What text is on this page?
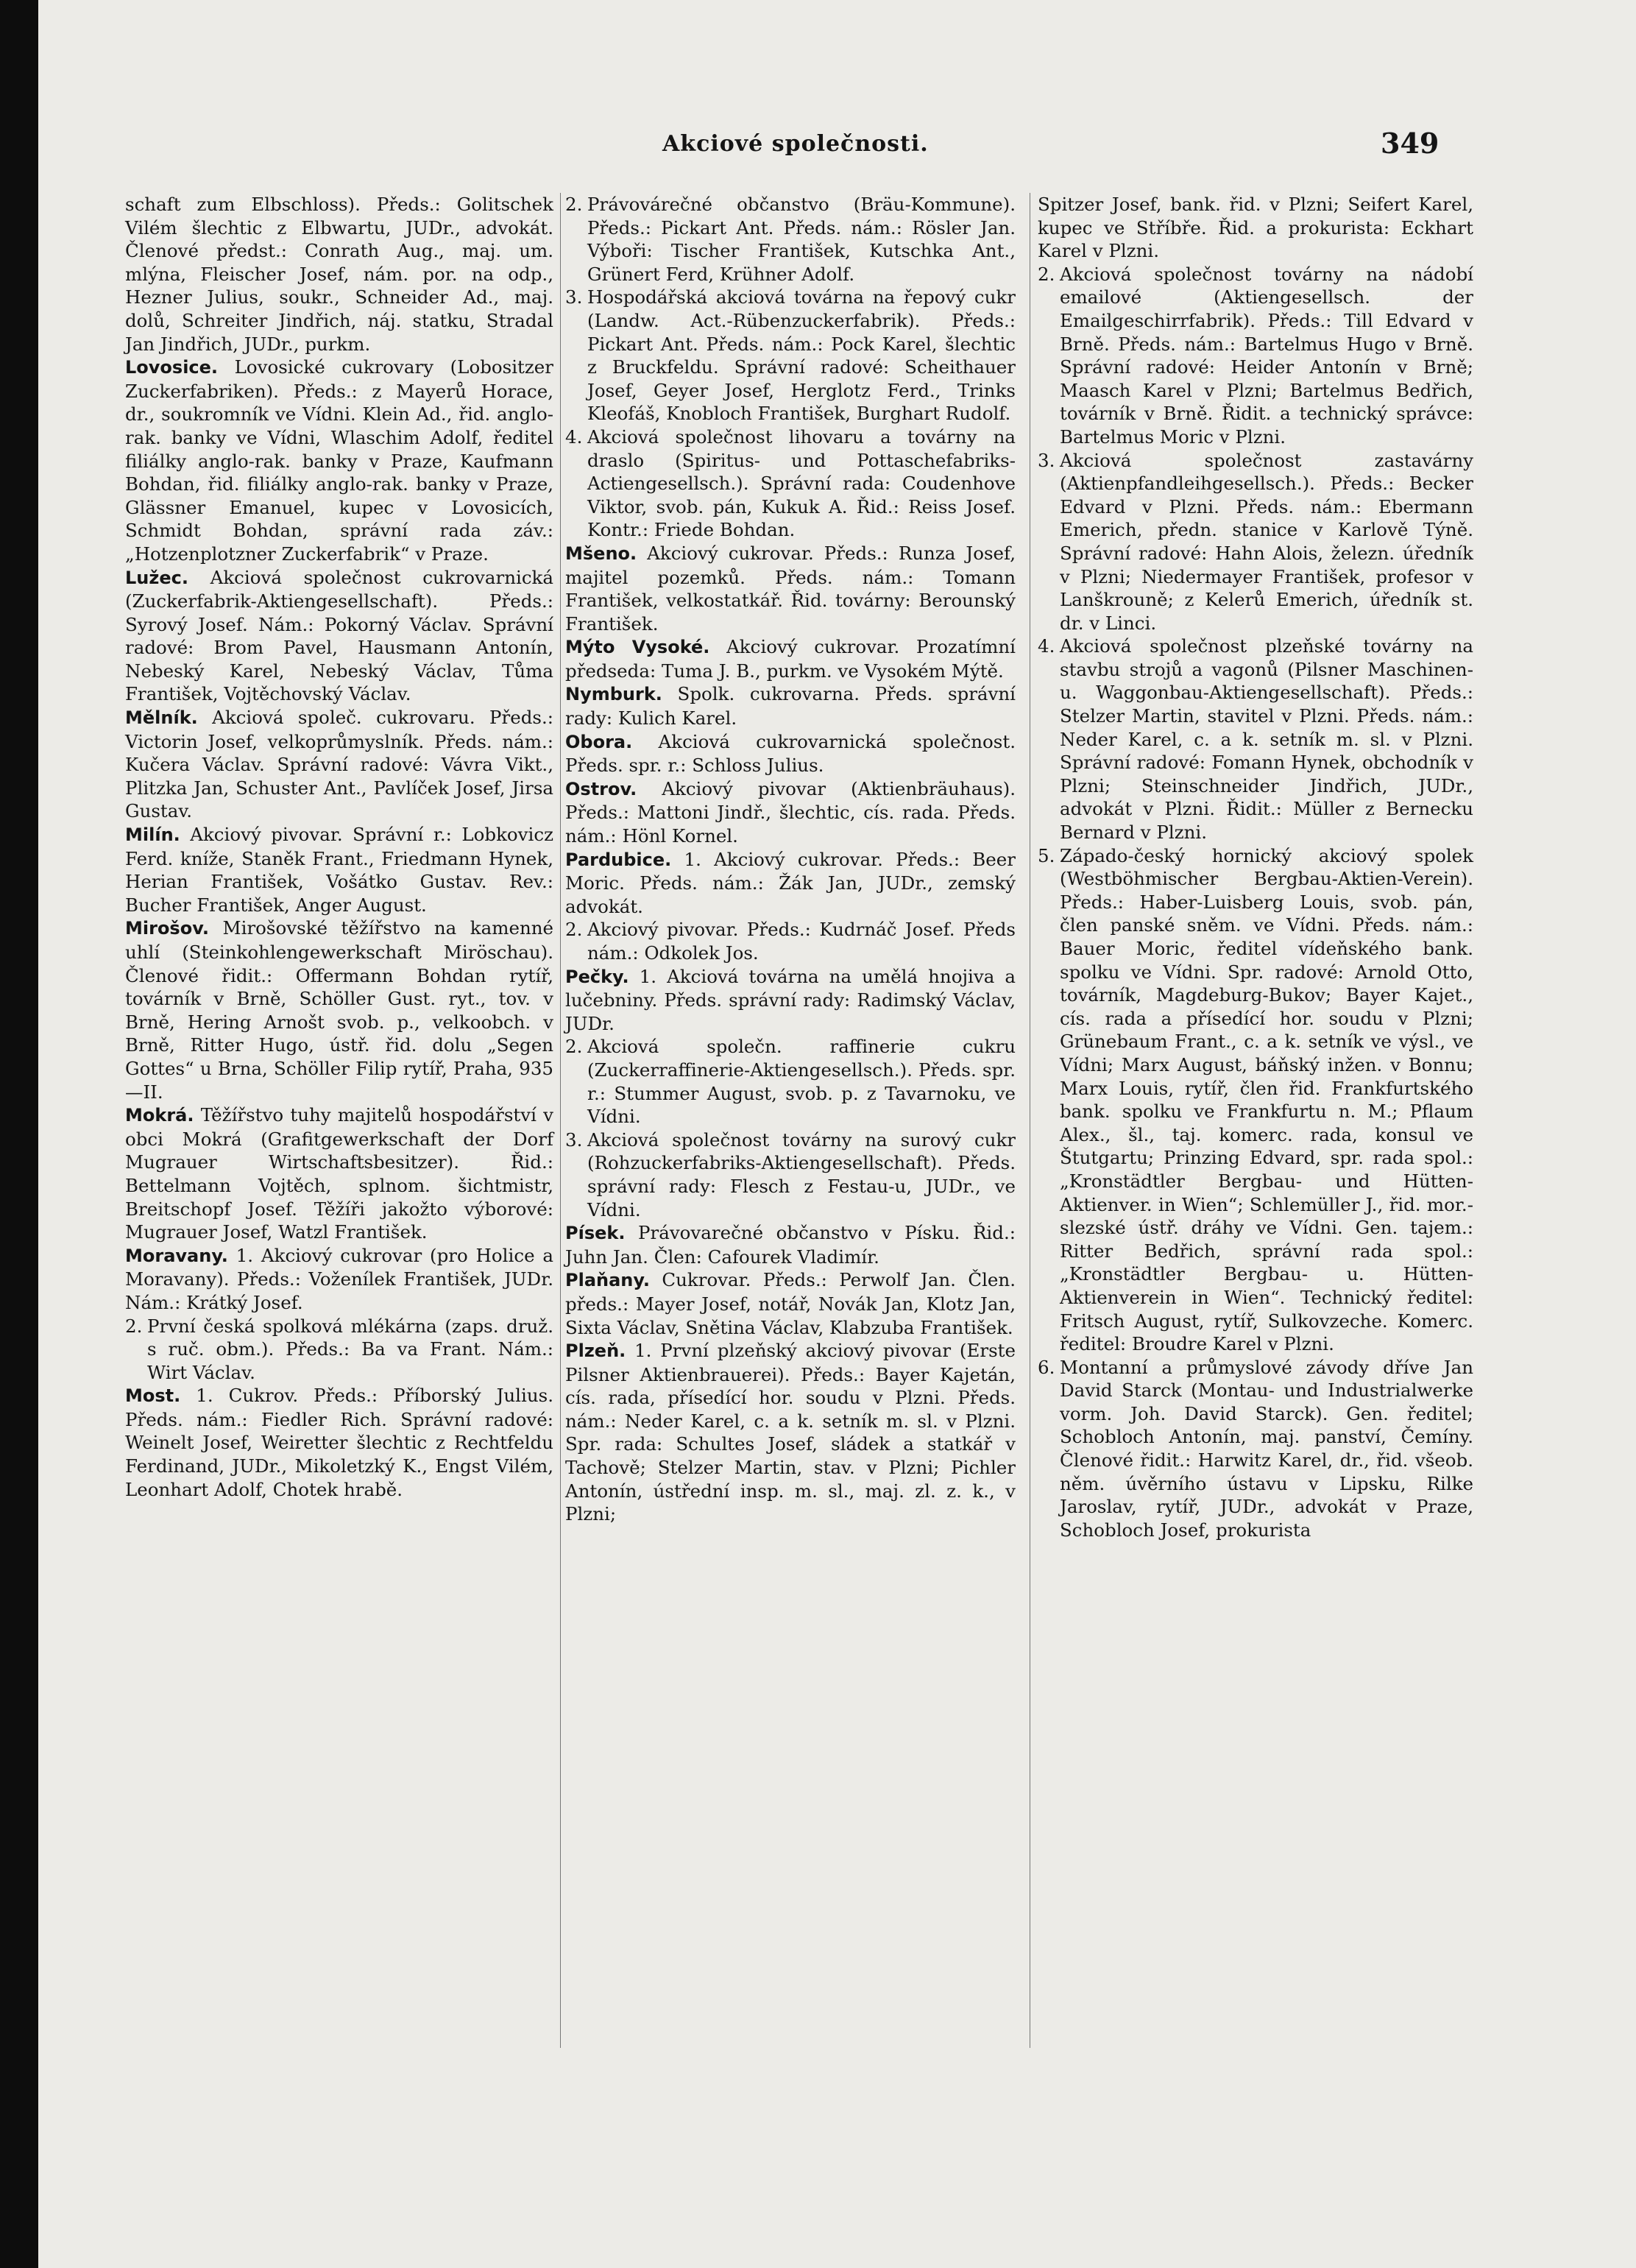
Akciové společnosti.	349

schaft zum Elbschloss). Předs.: Golitschek Vilém šlechtic z Elbwartu, JUDr., advokát. Členové předst.: Conrath Aug., maj. um. mlýna, Fleischer Josef, nám. por. na odp., Hezner Julius, soukr., Schneider Ad., maj. dolů, Schreiter Jindřich, náj. statku, Stradal Jan Jindřich, JUDr., purkm.

Lovosice. Lovosické cukrovary (Lobositzer Zuckerfabriken). Předs.: z Mayerů Horace, dr., soukromník ve Vídni. Klein Ad., řid. anglo-rak. banky ve Vídni, Wlaschim Adolf, ředitel filiálky anglo-rak. banky v Praze, Kaufmann Bohdan, řid. filiálky anglo-rak. banky v Praze, Glässner Emanuel, kupec v Lovosicích, Schmidt Bohdan, správní rada záv.: „Hotzenplotzner Zuckerfabrik“ v Praze.

Lužec. Akciová společnost cukrovarnická (Zuckerfabrik-Aktiengesellschaft). Předs.: Syrový Josef. Nám.: Pokorný Václav. Správní radové: Brom Pavel, Hausmann Antonín, Nebeský Karel, Nebeský Václav, Tůma František, Vojtěchovský Václav.

Mělník. Akciová společ. cukrovaru. Předs.: Victorin Josef, velkoprůmyslník. Předs. nám.: Kučera Václav. Správní radové: Vávra Vikt., Plitzka Jan, Schuster Ant., Pavlíček Josef, Jirsa Gustav.

Milín. Akciový pivovar. Správní r.: Lobkovicz Ferd. kníže, Staněk Frant., Friedmann Hynek, Herian František, Vošátko Gustav. Rev.: Bucher František, Anger August.

Mirošov. Mirošovské těžířstvo na kamenné uhlí (Steinkohlengewerkschaft Miröschau). Členové řidit.: Offermann Bohdan rytíř, továrník v Brně, Schöller Gust. ryt., tov. v Brně, Hering Arnošt svob. p., velkoobch. v Brně, Ritter Hugo, ústř. řid. dolu „Segen Gottes“ u Brna, Schöller Filip rytíř, Praha, 935—II.

Mokrá. Těžířstvo tuhy majitelů hospodářství v obci Mokrá (Grafitgewerkschaft der Dorf Mugrauer Wirtschaftsbesitzer). Řid.: Bettelmann Vojtěch, splnom. šichtmistr, Breitschopf Josef. Těžíři jakožto výborové: Mugrauer Josef, Watzl František.

Moravany. 1. Akciový cukrovar (pro Holice a Moravany). Předs.: Voženílek František, JUDr. Nám.: Krátký Josef.

2. První česká spolková mlékárna (zaps. druž. s ruč. obm.). Předs.: Ba va Frant. Nám.: Wirt Václav.

Most. 1. Cukrov. Předs.: Příborský Julius. Předs. nám.: Fiedler Rich. Správní radové: Weinelt Josef, Weiretter šlechtic z Rechtfeldu Ferdinand, JUDr., Mikoletzký K., Engst Vilém, Leonhart Adolf, Chotek hrabě.

2. Právovárečné občanstvo (Bräu-Kommune). Předs.: Pickart Ant. Předs. nám.: Rösler Jan. Výboři: Tischer František, Kutschka Ant., Grünert Ferd, Krühner Adolf.

3. Hospodářská akciová továrna na řepový cukr (Landw. Act.-Rübenzuckerfabrik). Předs.: Pickart Ant. Předs. nám.: Pock Karel, šlechtic z Bruckfeldu. Správní radové: Scheithauer Josef, Geyer Josef, Herglotz Ferd., Trinks Kleofáš, Knobloch František, Burghart Rudolf.

4. Akciová společnost lihovaru a továrny na draslo (Spiritus- und Pottaschefabriks-Actiengesellsch.). Správní rada: Coudenhove Viktor, svob. pán, Kukuk A. Řid.: Reiss Josef. Kontr.: Friede Bohdan.

Mšeno. Akciový cukrovar. Předs.: Runza Josef, majitel pozemků. Předs. nám.: Tomann František, velkostatkář. Řid. továrny: Berounský František.

Mýto Vysoké. Akciový cukrovar. Prozatímní předseda: Tuma J. B., purkm. ve Vysokém Mýtě.

Nymburk. Spolk. cukrovarna. Předs. správní rady: Kulich Karel.

Obora. Akciová cukrovarnická společnost. Předs. spr. r.: Schloss Julius.

Ostrov. Akciový pivovar (Aktienbräuhaus). Předs.: Mattoni Jindř., šlechtic, cís. rada. Předs. nám.: Hönl Kornel.

Pardubice. 1. Akciový cukrovar. Předs.: Beer Moric. Předs. nám.: Žák Jan, JUDr., zemský advokát.

2. Akciový pivovar. Předs.: Kudrnáč Josef. Předs nám.: Odkolek Jos.

Pečky. 1. Akciová továrna na umělá hnojiva a lučebniny. Předs. správní rady: Radimský Václav, JUDr.

2. Akciová společn. raffinerie cukru (Zuckerraffinerie-Aktiengesellsch.). Předs. spr. r.: Stummer August, svob. p. z Tavarnoku, ve Vídni.

3. Akciová společnost továrny na surový cukr (Rohzuckerfabriks-Aktiengesellschaft). Předs. správní rady: Flesch z Festau-u, JUDr., ve Vídni.

Písek. Právovarečné občanstvo v Písku. Řid.: Juhn Jan. Člen: Cafourek Vladimír.

Plaňany. Cukrovar. Předs.: Perwolf Jan. Člen. předs.: Mayer Josef, notář, Novák Jan, Klotz Jan, Sixta Václav, Snětina Václav, Klabzuba František.

Plzeň. 1. První plzeňský akciový pivovar (Erste Pilsner Aktienbrauerei). Předs.: Bayer Kajetán, cís. rada, přísedící hor. soudu v Plzni. Předs. nám.: Neder Karel, c. a k. setník m. sl. v Plzni. Spr. rada: Schultes Josef, sládek a statkář v Tachově; Stelzer Martin, stav. v Plzni; Pichler Antonín, ústřední insp. m. sl., maj. zl. z. k., v Plzni;

Spitzer Josef, bank. řid. v Plzni; Seifert Karel, kupec ve Stříbře. Řid. a prokurista: Eckhart Karel v Plzni.

2. Akciová společnost továrny na nádobí emailové (Aktiengesellsch. der Emailgeschirrfabrik). Předs.: Till Edvard v Brně. Předs. nám.: Bartelmus Hugo v Brně. Správní radové: Heider Antonín v Brně; Maasch Karel v Plzni; Bartelmus Bedřich, továrník v Brně. Řidit. a technický správce: Bartelmus Moric v Plzni.

3. Akciová společnost zastavárny (Aktienpfandleihgesellsch.). Předs.: Becker Edvard v Plzni. Předs. nám.: Ebermann Emerich, předn. stanice v Karlově Týně. Správní radové: Hahn Alois, železn. úředník v Plzni; Niedermayer František, profesor v Lanškrouně; z Kelerů Emerich, úředník st. dr. v Linci.

4. Akciová společnost plzeňské továrny na stavbu strojů a vagonů (Pilsner Maschinen- u. Waggonbau-Aktiengesellschaft). Předs.: Stelzer Martin, stavitel v Plzni. Předs. nám.: Neder Karel, c. a k. setník m. sl. v Plzni. Správní radové: Fomann Hynek, obchodník v Plzni; Steinschneider Jindřich, JUDr., advokát v Plzni. Řidit.: Müller z Bernecku Bernard v Plzni.

5. Západo-český hornický akciový spolek (Westböhmischer Bergbau-Aktien-Verein). Předs.: Haber-Luisberg Louis, svob. pán, člen panské sněm. ve Vídni. Předs. nám.: Bauer Moric, ředitel vídeňského bank. spolku ve Vídni. Spr. radové: Arnold Otto, továrník, Magdeburg-Bukov; Bayer Kajet., cís. rada a přísedící hor. soudu v Plzni; Grünebaum Frant., c. a k. setník ve výsl., ve Vídni; Marx August, báňský inžen. v Bonnu; Marx Louis, rytíř, člen řid. Frankfurtského bank. spolku ve Frankfurtu n. M.; Pflaum Alex., šl., taj. komerc. rada, konsul ve Štutgartu; Prinzing Edvard, spr. rada spol.: „Kronstädtler Bergbau- und Hütten-Aktienver. in Wien“; Schlemüller J., řid. mor.-slezské ústř. dráhy ve Vídni. Gen. tajem.: Ritter Bedřich, správní rada spol.: „Kronstädtler Bergbau- u. Hütten-Aktienverein in Wien“. Technický ředitel: Fritsch August, rytíř, Sulkovzeche. Komerc. ředitel: Broudre Karel v Plzni.

6. Montanní a průmyslové závody dříve Jan David Starck (Montau- und Industrialwerke vorm. Joh. David Starck). Gen. ředitel; Schobloch Antonín, maj. panství, Čemíny. Členové řidit.: Harwitz Karel, dr., řid. všeob. něm. úvěrního ústavu v Lipsku, Rilke Jaroslav, rytíř, JUDr., advokát v Praze, Schobloch Josef, prokurista
